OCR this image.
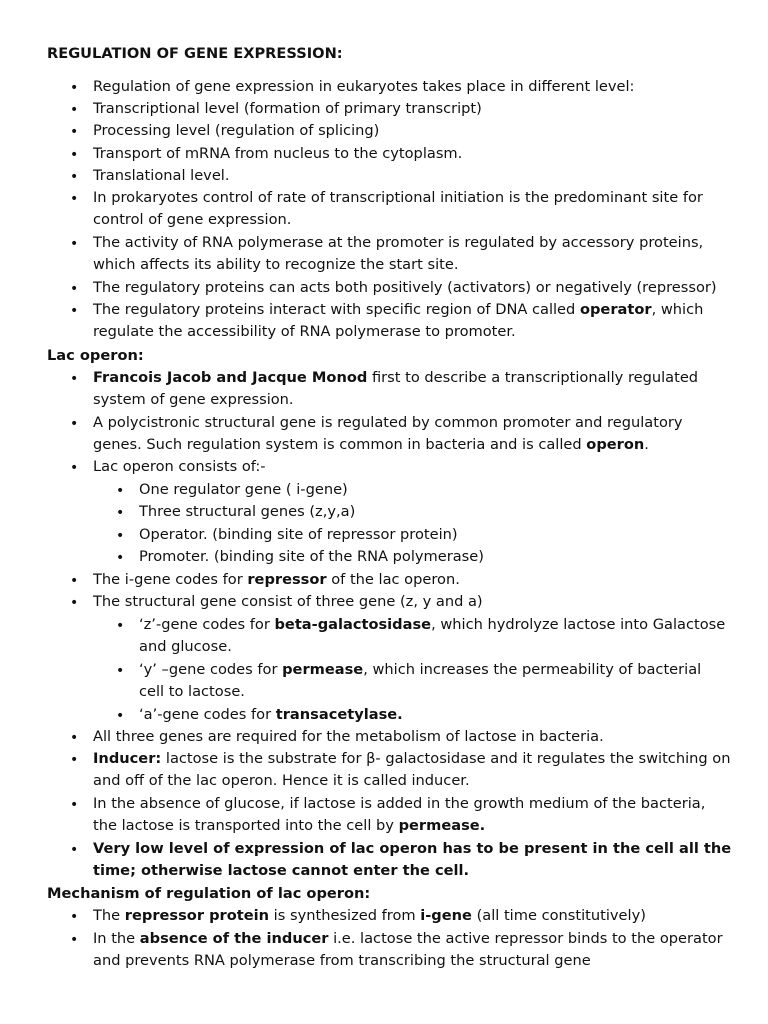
REGULATION OF GENE EXPRESSION:
• Regulation of gene expression in eukaryotes takes place in different level:
• Transcriptional level (formation of primary transcript)
• Processing level (regulation of splicing)
• Transport of mRNA from nucleus to the cytoplasm.
• Translational level.
• In prokaryotes control of rate of transcriptional initiation is the predominant site for control of gene expression.
• The activity of RNA polymerase at the promoter is regulated by accessory proteins, which affects its ability to recognize the start site.
• The regulatory proteins can acts both positively (activators) or negatively (repressor)
• The regulatory proteins interact with specific region of DNA called operator, which regulate the accessibility of RNA polymerase to promoter.
Lac operon:
• Francois Jacob and Jacque Monod first to describe a transcriptionally regulated system of gene expression.
• A polycistronic structural gene is regulated by common promoter and regulatory genes. Such regulation system is common in bacteria and is called operon.
• Lac operon consists of:-
• One regulator gene ( i-gene)
• Three structural genes (z,y,a)
• Operator. (binding site of repressor protein)
• Promoter. (binding site of the RNA polymerase)
• The i-gene codes for repressor of the lac operon.
• The structural gene consist of three gene (z, y and a)
• ‘z’-gene codes for beta-galactosidase, which hydrolyze lactose into Galactose and glucose.
• ‘y’ –gene codes for permease, which increases the permeability of bacterial cell to lactose.
• ‘a’-gene codes for transacetylase.
• All three genes are required for the metabolism of lactose in bacteria.
• Inducer: lactose is the substrate for β- galactosidase and it regulates the switching on and off of the lac operon. Hence it is called inducer.
• In the absence of glucose, if lactose is added in the growth medium of the bacteria, the lactose is transported into the cell by permease.
• Very low level of expression of lac operon has to be present in the cell all the time; otherwise lactose cannot enter the cell.
Mechanism of regulation of lac operon:
• The repressor protein is synthesized from i-gene (all time constitutively)
• In the absence of the inducer i.e. lactose the active repressor binds to the operator and prevents RNA polymerase from transcribing the structural gene
